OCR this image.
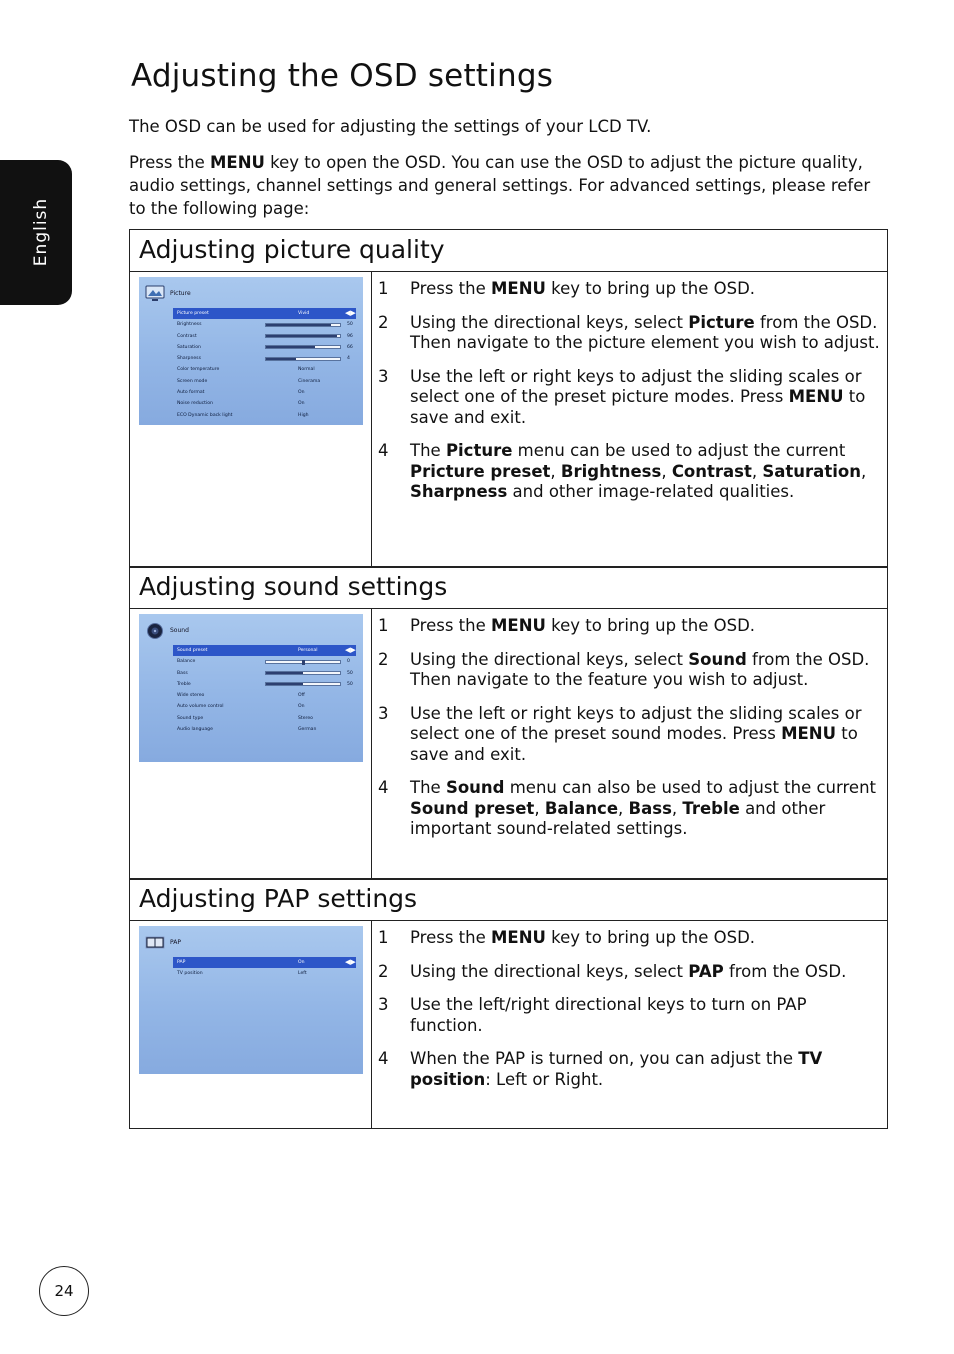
Adjusting the OSD settings
English

The OSD can be used for adjusting the settings of your LCD TV.

Press the MENU key to open the OSD. You can use the OSD to adjust the picture quality, audio settings, channel settings and general settings. For advanced settings, please refer to the following page:

Adjusting picture quality
Picture
Picture preset	Vivid	◀▶
Brightness	50
Contrast	96
Saturation	66
Sharpness	4
Color temperature	Normal
Screen mode	Cinerama
Auto format	On
Noise reduction	On
ECO Dynamic back light	High
1 Press the MENU key to bring up the OSD.
2 Using the directional keys, select Picture from the OSD. Then navigate to the picture element you wish to adjust.
3 Use the left or right keys to adjust the sliding scales or select one of the preset picture modes. Press MENU to save and exit.
4 The Picture menu can be used to adjust the current Pricture preset, Brightness, Contrast, Saturation, Sharpness and other image-related qualities.
Adjusting sound settings
Sound
Sound preset	Personal	◀▶
Balance	0
Bass	50
Treble	50
Wide stereo	Off
Auto volume control	On
Sound type	Stereo
Audio language	German
1 Press the MENU key to bring up the OSD.
2 Using the directional keys, select Sound from the OSD. Then navigate to the feature you wish to adjust.
3 Use the left or right keys to adjust the sliding scales or select one of the preset sound modes. Press MENU to save and exit.
4 The Sound menu can also be used to adjust the current Sound preset, Balance, Bass, Treble and other important sound-related settings.
Adjusting PAP settings
PAP
PAP	On	◀▶
TV position	Left
1 Press the MENU key to bring up the OSD.
2 Using the directional keys, select PAP from the OSD.
3 Use the left/right directional keys to turn on PAP function.
4 When the PAP is turned on, you can adjust the TV position: Left or Right.
24
